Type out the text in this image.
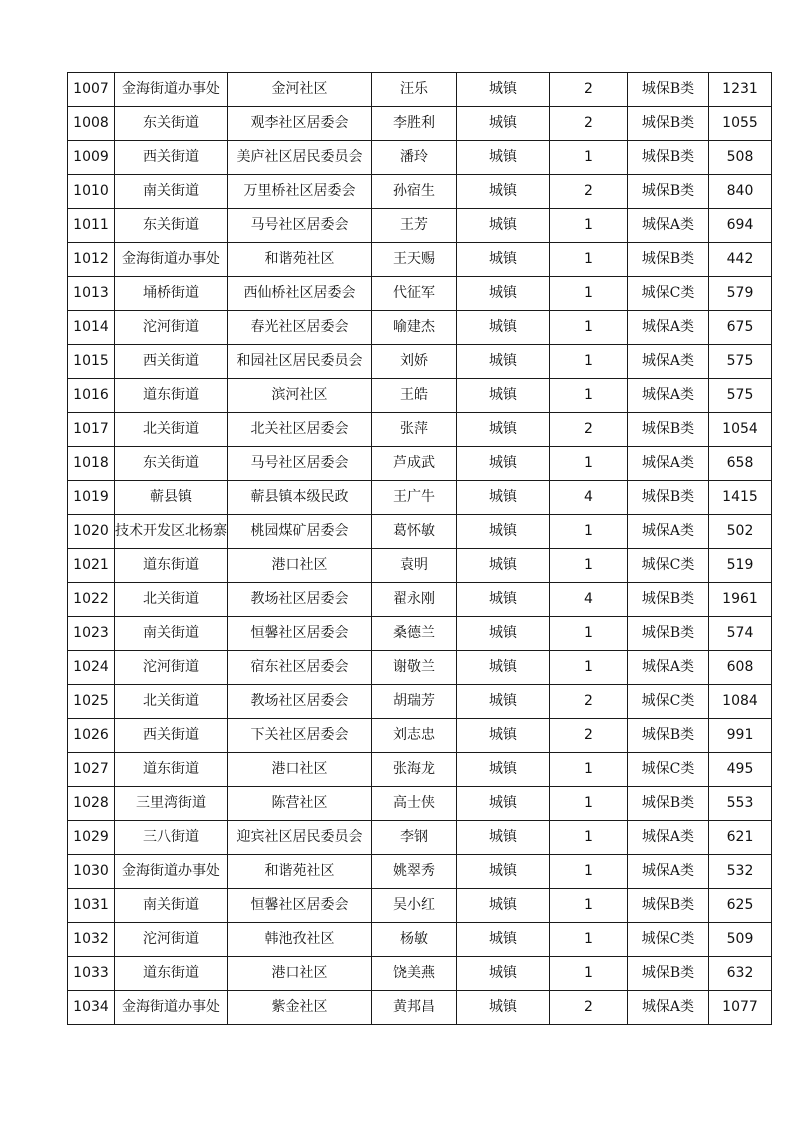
1007	金海街道办事处	金河社区	汪乐	城镇	2	城保B类	1231
1008	东关街道	观李社区居委会	李胜利	城镇	2	城保B类	1055
1009	西关街道	美庐社区居民委员会	潘玲	城镇	1	城保B类	508
1010	南关街道	万里桥社区居委会	孙宿生	城镇	2	城保B类	840
1011	东关街道	马号社区居委会	王芳	城镇	1	城保A类	694
1012	金海街道办事处	和谐苑社区	王天赐	城镇	1	城保B类	442
1013	埇桥街道	西仙桥社区居委会	代征军	城镇	1	城保C类	579
1014	沱河街道	春光社区居委会	喻建杰	城镇	1	城保A类	675
1015	西关街道	和园社区居民委员会	刘娇	城镇	1	城保A类	575
1016	道东街道	滨河社区	王皓	城镇	1	城保A类	575
1017	北关街道	北关社区居委会	张萍	城镇	2	城保B类	1054
1018	东关街道	马号社区居委会	芦成武	城镇	1	城保A类	658
1019	蕲县镇	蕲县镇本级民政	王广牛	城镇	4	城保B类	1415
1020	技术开发区北杨寨	桃园煤矿居委会	葛怀敏	城镇	1	城保A类	502
1021	道东街道	港口社区	袁明	城镇	1	城保C类	519
1022	北关街道	教场社区居委会	翟永刚	城镇	4	城保B类	1961
1023	南关街道	恒馨社区居委会	桑德兰	城镇	1	城保B类	574
1024	沱河街道	宿东社区居委会	谢敬兰	城镇	1	城保A类	608
1025	北关街道	教场社区居委会	胡瑞芳	城镇	2	城保C类	1084
1026	西关街道	下关社区居委会	刘志忠	城镇	2	城保B类	991
1027	道东街道	港口社区	张海龙	城镇	1	城保C类	495
1028	三里湾街道	陈营社区	高士侠	城镇	1	城保B类	553
1029	三八街道	迎宾社区居民委员会	李钢	城镇	1	城保A类	621
1030	金海街道办事处	和谐苑社区	姚翠秀	城镇	1	城保A类	532
1031	南关街道	恒馨社区居委会	吴小红	城镇	1	城保B类	625
1032	沱河街道	韩池孜社区	杨敏	城镇	1	城保C类	509
1033	道东街道	港口社区	饶美燕	城镇	1	城保B类	632
1034	金海街道办事处	紫金社区	黄邦昌	城镇	2	城保A类	1077
